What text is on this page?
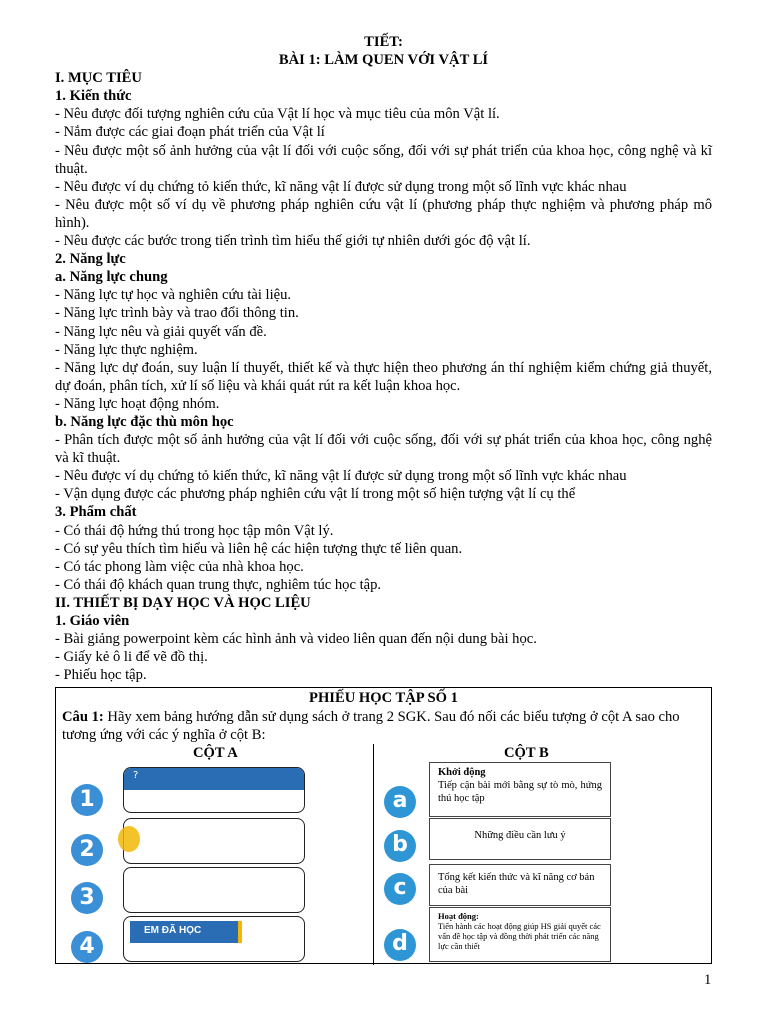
TIẾT:
BÀI 1: LÀM QUEN VỚI VẬT LÍ
I. MỤC TIÊU
1. Kiến thức
- Nêu được đối tượng nghiên cứu của Vật lí học và mục tiêu của môn Vật lí.
- Nắm được các giai đoạn phát triển của Vật lí
- Nêu được một số ảnh hưởng của vật lí đối với cuộc sống, đối với sự phát triển của khoa học, công nghệ và kĩ thuật.
- Nêu được ví dụ chứng tỏ kiến thức, kĩ năng vật lí được sử dụng trong một số lĩnh vực khác nhau
- Nêu được một số ví dụ về phương pháp nghiên cứu vật lí (phương pháp thực nghiệm và phương pháp mô hình).
- Nêu được các bước trong tiến trình tìm hiểu thế giới tự nhiên dưới góc độ vật lí.
2. Năng lực
a. Năng lực chung
- Năng lực tự học và nghiên cứu tài liệu.
- Năng lực trình bày và trao đổi thông tin.
- Năng lực nêu và giải quyết vấn đề.
- Năng lực thực nghiệm.
- Năng lực dự đoán, suy luận lí thuyết, thiết kế và thực hiện theo phương án thí nghiệm kiểm chứng giả thuyết, dự đoán, phân tích, xử lí số liệu và khái quát rút ra kết luận khoa học.
- Năng lực hoạt động nhóm.
b. Năng lực đặc thù môn học
- Phân tích được một số ảnh hưởng của vật lí đối với cuộc sống, đối với sự phát triển của khoa học, công nghệ và kĩ thuật.
- Nêu được ví dụ chứng tỏ kiến thức, kĩ năng vật lí được sử dụng trong một số lĩnh vực khác nhau
- Vận dụng được các phương pháp nghiên cứu vật lí trong một số hiện tượng vật lí cụ thể
3. Phẩm chất
- Có thái độ hứng thú trong học tập môn Vật lý.
- Có sự yêu thích tìm hiểu và liên hệ các hiện tượng thực tế liên quan.
- Có tác phong làm việc của nhà khoa học.
- Có thái độ khách quan trung thực, nghiêm túc học tập.
II. THIẾT BỊ DẠY HỌC VÀ HỌC LIỆU
1. Giáo viên
- Bài giảng powerpoint kèm các hình ảnh và video liên quan đến nội dung bài học.
- Giấy kẻ ô li để vẽ đồ thị.
- Phiếu học tập.
PHIẾU HỌC TẬP SỐ 1
Câu 1: Hãy xem bảng hướng dẫn sử dụng sách ở trang 2 SGK. Sau đó nối các biểu tượng ở cột A sao cho tương ứng với các ý nghĩa ở cột B:
CỘT A	CỘT B
1
2
3
4
?
EM ĐÃ HỌC
a
b
c
d
Khởi động
Tiếp cận bài mới bằng sự tò mò, hứng thú học tập
Những điều cần lưu ý
Tổng kết kiến thức và kĩ năng cơ bản của bài
Hoạt động:
Tiến hành các hoạt động giúp HS giải quyết các vấn đề học tập và đồng thời phát triển các năng lực cần thiết
1
